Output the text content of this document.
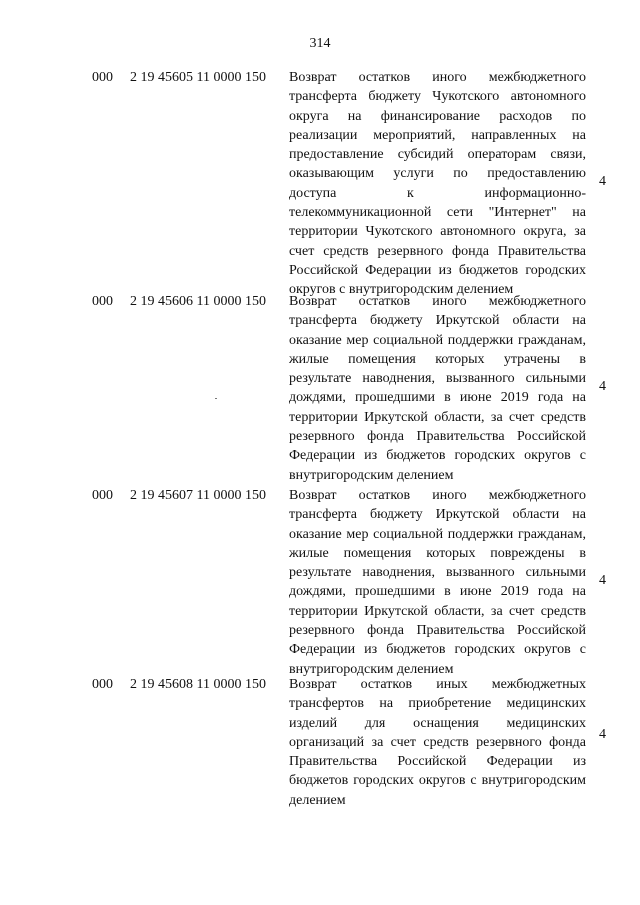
314
000	2 19 45605 11 0000 150	Возврат остатков иного межбюджетного трансферта бюджету Чукотского автономного округа на финансирование расходов по реализации мероприятий, направленных на предоставление субсидий операторам связи, оказывающим услуги по предоставлению доступа к информационно-телекоммуникационной сети "Интернет" на территории Чукотского автономного округа, за счет средств резервного фонда Правительства Российской Федерации из бюджетов городских округов с внутригородским делением
4
000	2 19 45606 11 0000 150	Возврат остатков иного межбюджетного трансферта бюджету Иркутской области на оказание мер социальной поддержки гражданам, жилые помещения которых утрачены в результате наводнения, вызванного сильными дождями, прошедшими в июне 2019 года на территории Иркутской области, за счет средств резервного фонда Правительства Российской Федерации из бюджетов городских округов с внутригородским делением
4
000	2 19 45607 11 0000 150	Возврат остатков иного межбюджетного трансферта бюджету Иркутской области на оказание мер социальной поддержки гражданам, жилые помещения которых повреждены в результате наводнения, вызванного сильными дождями, прошедшими в июне 2019 года на территории Иркутской области, за счет средств резервного фонда Правительства Российской Федерации из бюджетов городских округов с внутригородским делением
4
000	2 19 45608 11 0000 150	Возврат остатков иных межбюджетных трансфертов на приобретение медицинских изделий для оснащения медицинских организаций за счет средств резервного фонда Правительства Российской Федерации из бюджетов городских округов с внутригородским делением
4
